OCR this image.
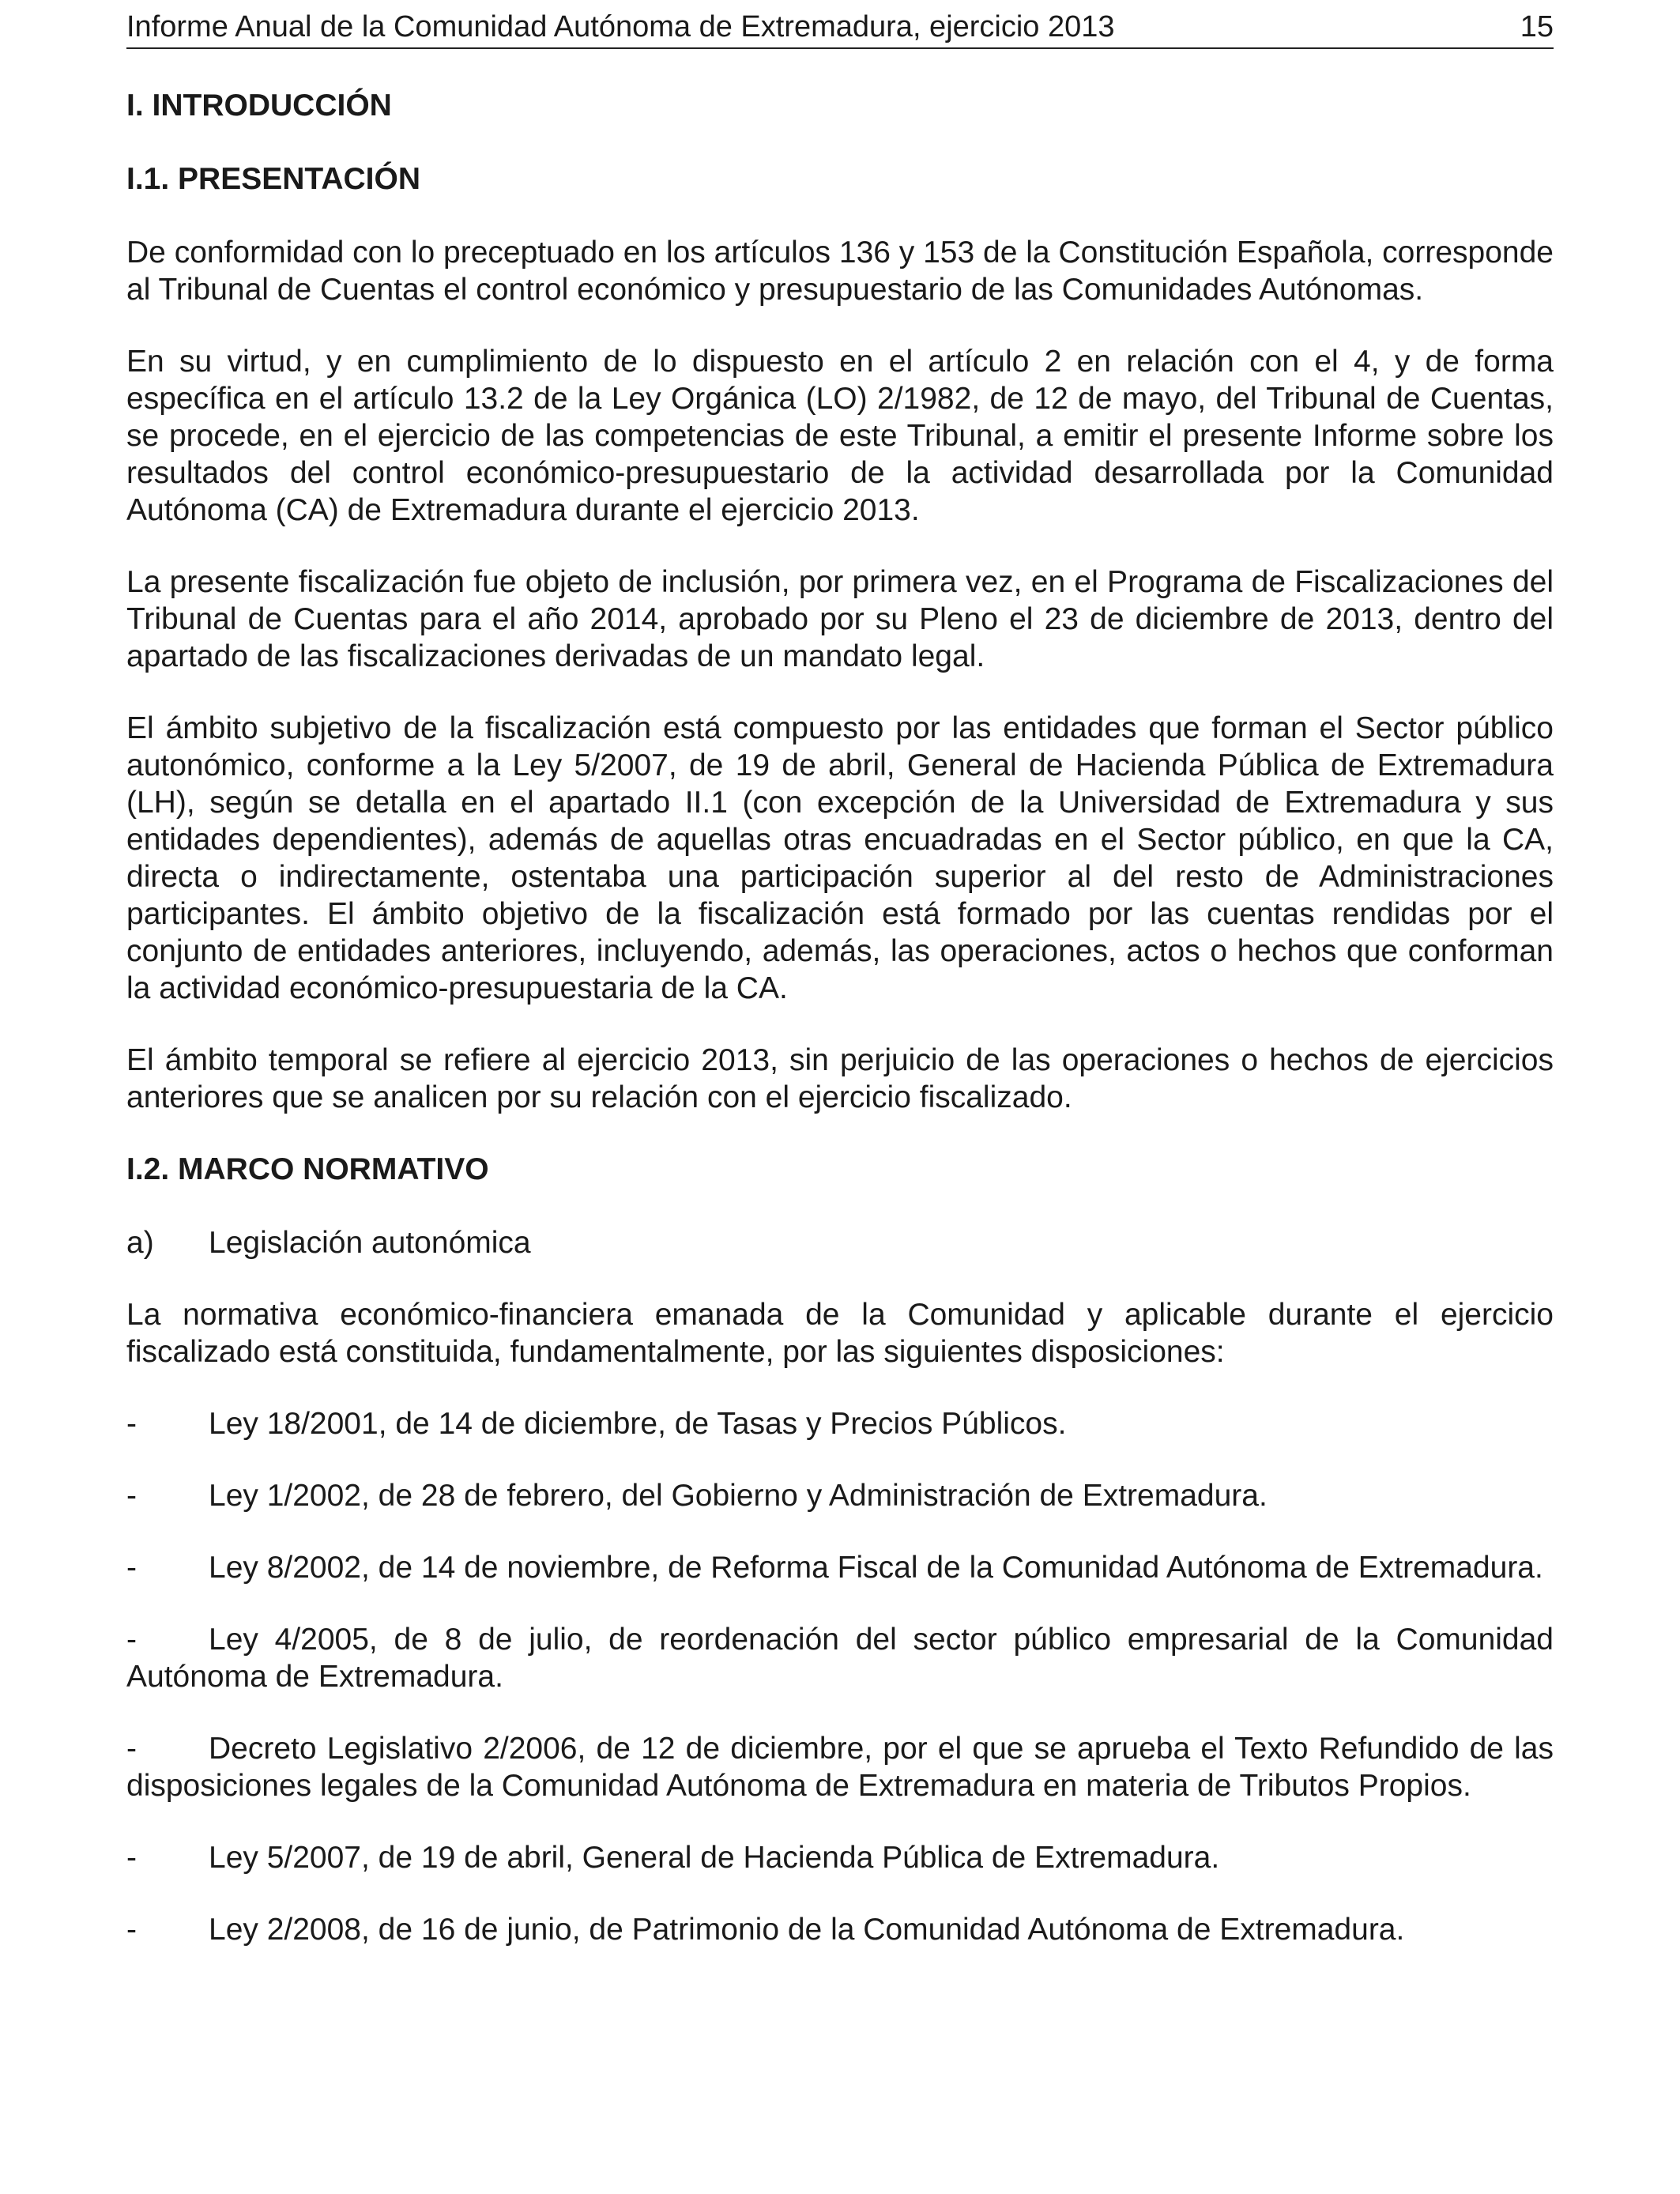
Informe Anual de la Comunidad Autónoma de Extremadura, ejercicio 2013	15
I. INTRODUCCIÓN
I.1. PRESENTACIÓN

De conformidad con lo preceptuado en los artículos 136 y 153 de la Constitución Española, corresponde al Tribunal de Cuentas el control económico y presupuestario de las Comunidades Autónomas.

En su virtud, y en cumplimiento de lo dispuesto en el artículo 2 en relación con el 4, y de forma específica en el artículo 13.2 de la Ley Orgánica (LO) 2/1982, de 12 de mayo, del Tribunal de Cuentas, se procede, en el ejercicio de las competencias de este Tribunal, a emitir el presente Informe sobre los resultados del control económico-presupuestario de la actividad desarrollada por la Comunidad Autónoma (CA) de Extremadura durante el ejercicio 2013.

La presente fiscalización fue objeto de inclusión, por primera vez, en el Programa de Fiscalizaciones del Tribunal de Cuentas para el año 2014, aprobado por su Pleno el 23 de diciembre de 2013, dentro del apartado de las fiscalizaciones derivadas de un mandato legal.

El ámbito subjetivo de la fiscalización está compuesto por las entidades que forman el Sector público autonómico, conforme a la Ley 5/2007, de 19 de abril, General de Hacienda Pública de Extremadura (LH), según se detalla en el apartado II.1 (con excepción de la Universidad de Extremadura y sus entidades dependientes), además de aquellas otras encuadradas en el Sector público, en que la CA, directa o indirectamente, ostentaba una participación superior al del resto de Administraciones participantes. El ámbito objetivo de la fiscalización está formado por las cuentas rendidas por el conjunto de entidades anteriores, incluyendo, además, las operaciones, actos o hechos que conforman la actividad económico-presupuestaria de la CA.

El ámbito temporal se refiere al ejercicio 2013, sin perjuicio de las operaciones o hechos de ejercicios anteriores que se analicen por su relación con el ejercicio fiscalizado.

I.2. MARCO NORMATIVO
a) Legislación autonómica

La normativa económico-financiera emanada de la Comunidad y aplicable durante el ejercicio fiscalizado está constituida, fundamentalmente, por las siguientes disposiciones:

- Ley 18/2001, de 14 de diciembre, de Tasas y Precios Públicos.

- Ley 1/2002, de 28 de febrero, del Gobierno y Administración de Extremadura.

- Ley 8/2002, de 14 de noviembre, de Reforma Fiscal de la Comunidad Autónoma de Extremadura.

- Ley 4/2005, de 8 de julio, de reordenación del sector público empresarial de la Comunidad Autónoma de Extremadura.

- Decreto Legislativo 2/2006, de 12 de diciembre, por el que se aprueba el Texto Refundido de las disposiciones legales de la Comunidad Autónoma de Extremadura en materia de Tributos Propios.

- Ley 5/2007, de 19 de abril, General de Hacienda Pública de Extremadura.

- Ley 2/2008, de 16 de junio, de Patrimonio de la Comunidad Autónoma de Extremadura.
